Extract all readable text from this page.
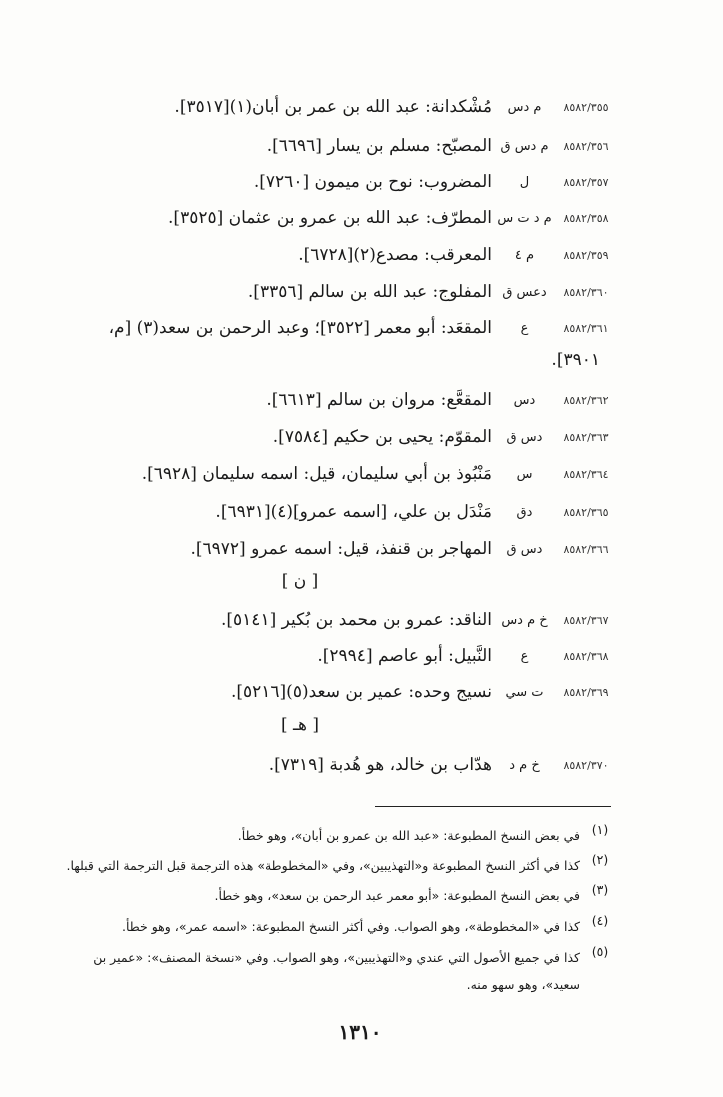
٨٥٨٢/٣٥٥
م دس
مُشْكدانة: عبد الله بن عمر بن أبان(١)[٣٥١٧].
٨٥٨٢/٣٥٦
م دس ق
المصبّح: مسلم بن يسار [٦٦٩٦].
٨٥٨٢/٣٥٧
ل
المضروب: نوح بن ميمون [٧٢٦٠].
٨٥٨٢/٣٥٨
م د ت س
المطرّف: عبد الله بن عمرو بن عثمان [٣٥٢٥].
٨٥٨٢/٣٥٩
م ٤
المعرقب: مصدع(٢)[٦٧٢٨].
٨٥٨٢/٣٦٠
دعس ق
المفلوج: عبد الله بن سالم [٣٣٥٦].
٨٥٨٢/٣٦١
ع
المقعَد: أبو معمر [٣٥٢٢]؛ وعبد الرحمن بن سعد(٣) [م،
٣٩٠١].
٨٥٨٢/٣٦٢
دس
المقعَّع: مروان بن سالم [٦٦١٣].
٨٥٨٢/٣٦٣
دس ق
المقوّم: يحيى بن حكيم [٧٥٨٤].
٨٥٨٢/٣٦٤
س
مَنْبُوذ بن أبي سليمان، قيل: اسمه سليمان [٦٩٢٨].
٨٥٨٢/٣٦٥
دق
مَنْدَل بن علي، [اسمه عمرو](٤)[٦٩٣١].
٨٥٨٢/٣٦٦
دس ق
المهاجر بن قنفذ، قيل: اسمه عمرو [٦٩٧٢].
[ ن ]
٨٥٨٢/٣٦٧
خ م دس
الناقد: عمرو بن محمد بن بُكير [٥١٤١].
٨٥٨٢/٣٦٨
ع
النَّبيل: أبو عاصم [٢٩٩٤].
٨٥٨٢/٣٦٩
ت سي
نسيج وحده: عمير بن سعد(٥)[٥٢١٦].
[ هـ ]
٨٥٨٢/٣٧٠
خ م د
هدّاب بن خالد، هو هُدبة [٧٣١٩].
(١)
في بعض النسخ المطبوعة: «عبد الله بن عمرو بن أبان»، وهو خطأ.
(٢)
كذا في أكثر النسخ المطبوعة و«التهذيبين»، وفي «المخطوطة» هذه الترجمة قبل الترجمة التي قبلها.
(٣)
في بعض النسخ المطبوعة: «أبو معمر عبد الرحمن بن سعد»، وهو خطأ.
(٤)
كذا في «المخطوطة»، وهو الصواب. وفي أكثر النسخ المطبوعة: «اسمه عمر»، وهو خطأ.
(٥)
كذا في جميع الأصول التي عندي و«التهذيبين»، وهو الصواب. وفي «نسخة المصنف»: «عمير بن
سعيد»، وهو سهو منه.
١٣١٠
